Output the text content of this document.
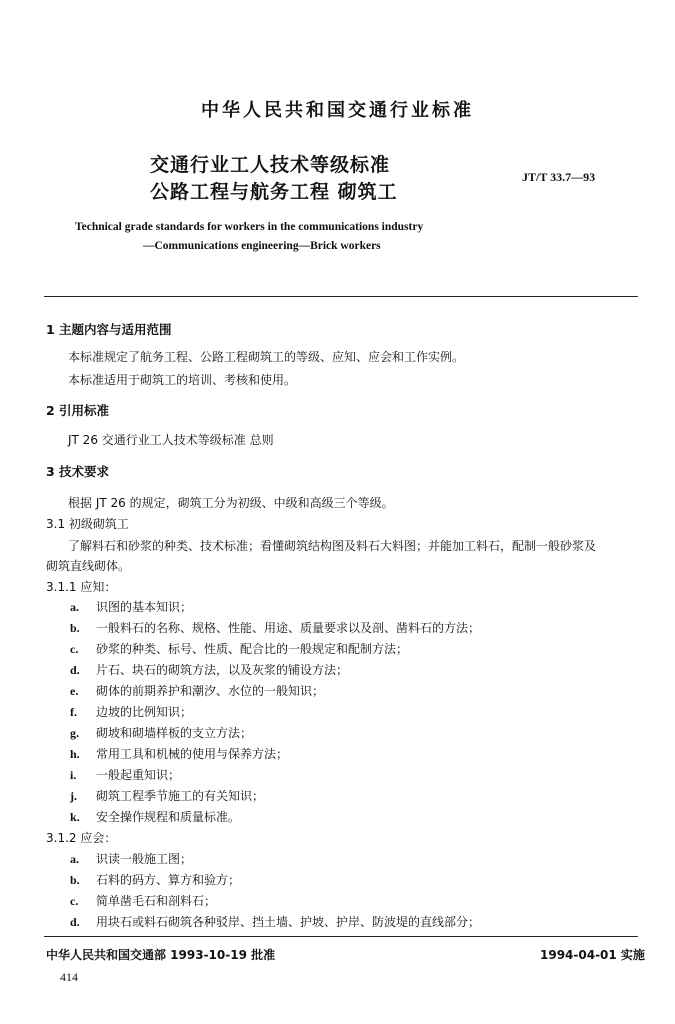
中华人民共和国交通行业标准
交通行业工人技术等级标准
公路工程与航务工程 砌筑工
JT/T 33.7—93
Technical grade standards for workers in the communications industry
—Communications engineering—Brick workers
1 主题内容与适用范围
本标准规定了航务工程、公路工程砌筑工的等级、应知、应会和工作实例。
本标准适用于砌筑工的培训、考核和使用。
2 引用标准
JT 26 交通行业工人技术等级标准 总则
3 技术要求
根据 JT 26 的规定，砌筑工分为初级、中级和高级三个等级。
3.1 初级砌筑工
了解料石和砂浆的种类、技术标准；看懂砌筑结构图及料石大料图；并能加工料石，配制一般砂浆及
砌筑直线砌体。
3.1.1 应知：
a. 识图的基本知识；
b. 一般料石的名称、规格、性能、用途、质量要求以及剖、凿料石的方法；
c. 砂浆的种类、标号、性质、配合比的一般规定和配制方法；
d. 片石、块石的砌筑方法，以及灰浆的铺设方法；
e. 砌体的前期养护和潮汐、水位的一般知识；
f. 边坡的比例知识；
g. 砌坡和砌墙样板的支立方法；
h. 常用工具和机械的使用与保养方法；
i. 一般起重知识；
j. 砌筑工程季节施工的有关知识；
k. 安全操作规程和质量标准。
3.1.2 应会：
a. 识读一般施工图；
b. 石料的码方、算方和验方；
c. 简单凿毛石和剖料石；
d. 用块石或料石砌筑各种驳岸、挡土墙、护坡、护岸、防波堤的直线部分；
中华人民共和国交通部 1993-10-19 批准	1994-04-01 实施
414
